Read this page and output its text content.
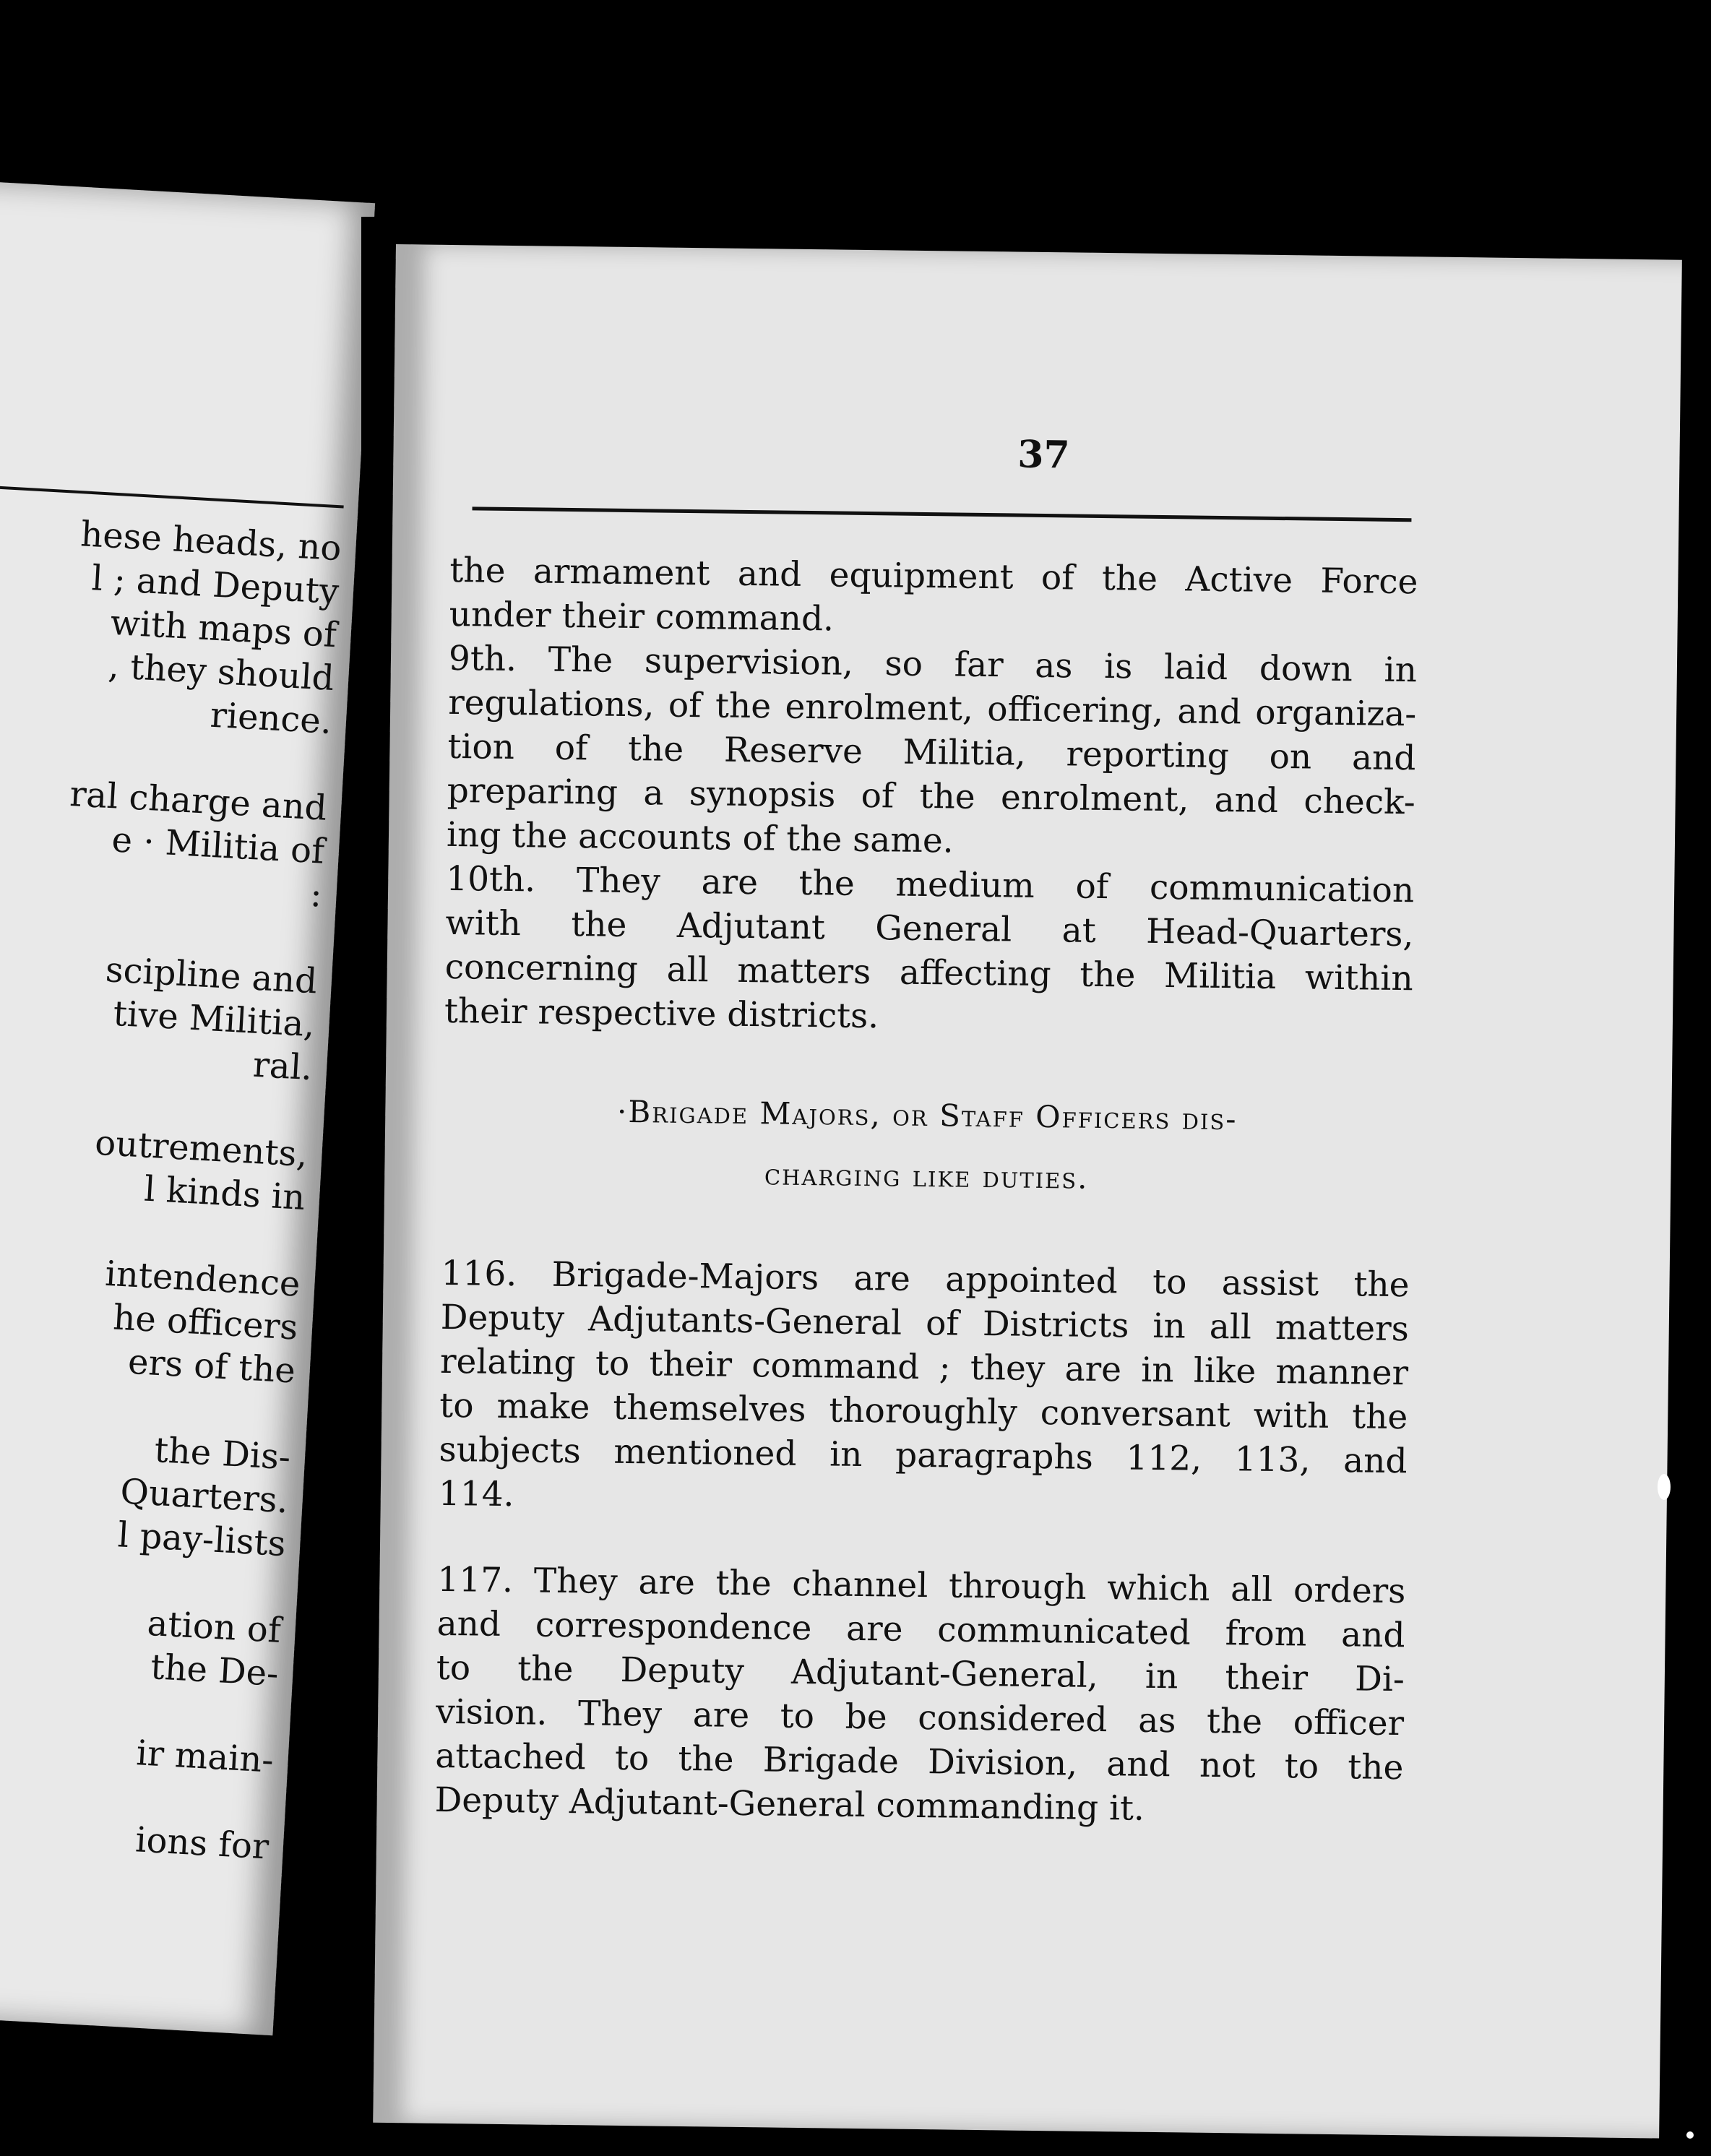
hese heads, no
l ; and Deputy
with maps of
, they should
rience.
ral charge and
e · Militia of
:
scipline and
tive Militia,
ral.
outrements,
l kinds in
intendence
he officers
ers of the
the Dis-
Quarters.
l pay-lists
ation of
the De-
ir main-
ions for
37

the armament and equipment of the Active Force
under their command.

9th. The supervision, so far as is laid down in
regulations, of the enrolment, officering, and organiza-
tion of the Reserve Militia, reporting on and
preparing a synopsis of the enrolment, and check-
ing the accounts of the same.

10th. They are the medium of communication
with the Adjutant General at Head-Quarters,
concerning all matters affecting the Militia within
their respective districts.

·Brigade Majors, or Staff Officers dis-
charging like duties.

116. Brigade-Majors are appointed to assist the
Deputy Adjutants-General of Districts in all matters
relating to their command ; they are in like manner
to make themselves thoroughly conversant with the
subjects mentioned in paragraphs 112, 113, and
114.

117. They are the channel through which all orders
and correspondence are communicated from and
to the Deputy Adjutant-General, in their Di-
vision. They are to be considered as the officer
attached to the Brigade Division, and not to the
Deputy Adjutant-General commanding it.
